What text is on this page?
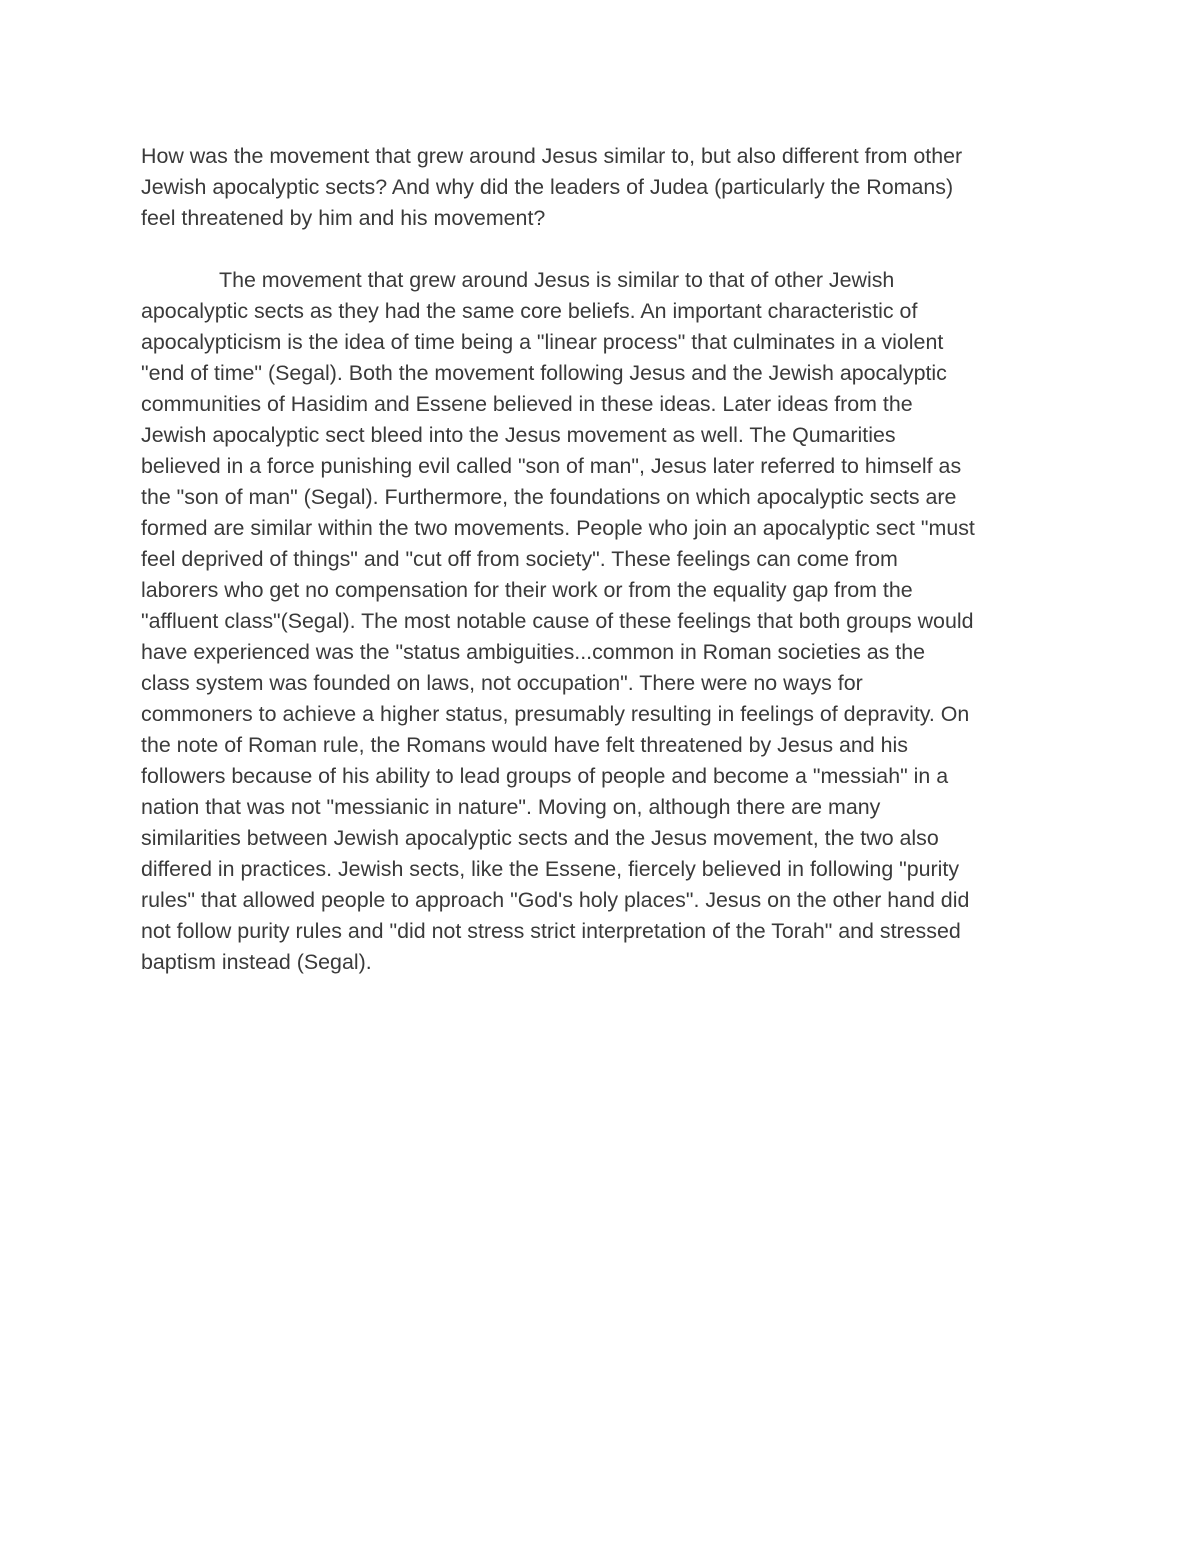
How was the movement that grew around Jesus similar to, but also different from other
Jewish apocalyptic sects? And why did the leaders of Judea (particularly the Romans)
feel threatened by him and his movement?
The movement that grew around Jesus is similar to that of other Jewish
apocalyptic sects as they had the same core beliefs. An important characteristic of
apocalypticism is the idea of time being a "linear process" that culminates in a violent
"end of time" (Segal). Both the movement following Jesus and the Jewish apocalyptic
communities of Hasidim and Essene believed in these ideas. Later ideas from the
Jewish apocalyptic sect bleed into the Jesus movement as well. The Qumarities
believed in a force punishing evil called "son of man", Jesus later referred to himself as
the "son of man" (Segal). Furthermore, the foundations on which apocalyptic sects are
formed are similar within the two movements. People who join an apocalyptic sect "must
feel deprived of things" and "cut off from society". These feelings can come from
laborers who get no compensation for their work or from the equality gap from the
"affluent class"(Segal). The most notable cause of these feelings that both groups would
have experienced was the "status ambiguities...common in Roman societies as the
class system was founded on laws, not occupation". There were no ways for
commoners to achieve a higher status, presumably resulting in feelings of depravity. On
the note of Roman rule, the Romans would have felt threatened by Jesus and his
followers because of his ability to lead groups of people and become a "messiah" in a
nation that was not "messianic in nature". Moving on, although there are many
similarities between Jewish apocalyptic sects and the Jesus movement, the two also
differed in practices. Jewish sects, like the Essene, fiercely believed in following "purity
rules" that allowed people to approach "God's holy places". Jesus on the other hand did
not follow purity rules and "did not stress strict interpretation of the Torah" and stressed
baptism instead (Segal).
